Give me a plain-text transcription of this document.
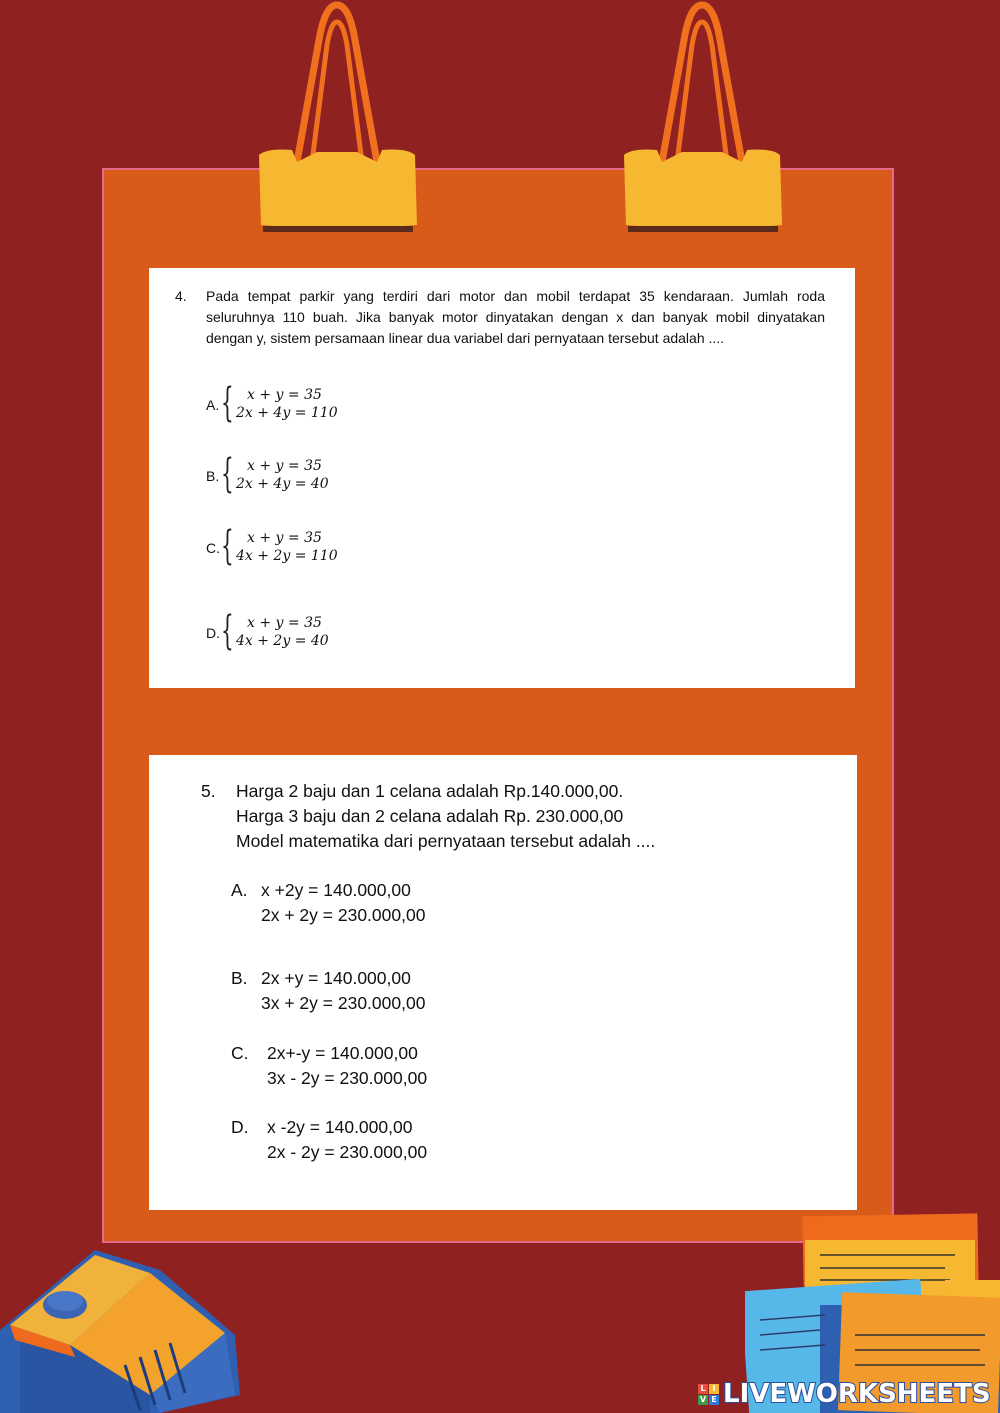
4. Pada tempat parkir yang terdiri dari motor dan mobil terdapat 35 kendaraan. Jumlah roda seluruhnya 110 buah. Jika banyak motor dinyatakan dengan x dan banyak mobil dinyatakan dengan y, sistem persamaan linear dua variabel dari pernyataan tersebut adalah ....
A. { x + y = 35
2x + 4y = 110
B. { x + y = 35
2x + 4y = 40
C. { x + y = 35
4x + 2y = 110
D. { x + y = 35
4x + 2y = 40
5. Harga 2 baju dan 1 celana adalah Rp.140.000,00.
Harga 3 baju dan 2 celana adalah Rp. 230.000,00
Model matematika dari pernyataan tersebut adalah ....
A. x +2y = 140.000,00
2x + 2y = 230.000,00
B. 2x +y = 140.000,00
3x + 2y = 230.000,00
C. 2x+-y = 140.000,00
3x - 2y = 230.000,00
D. x -2y = 140.000,00
2x - 2y = 230.000,00
L I
V E LIVEWORKSHEETS
